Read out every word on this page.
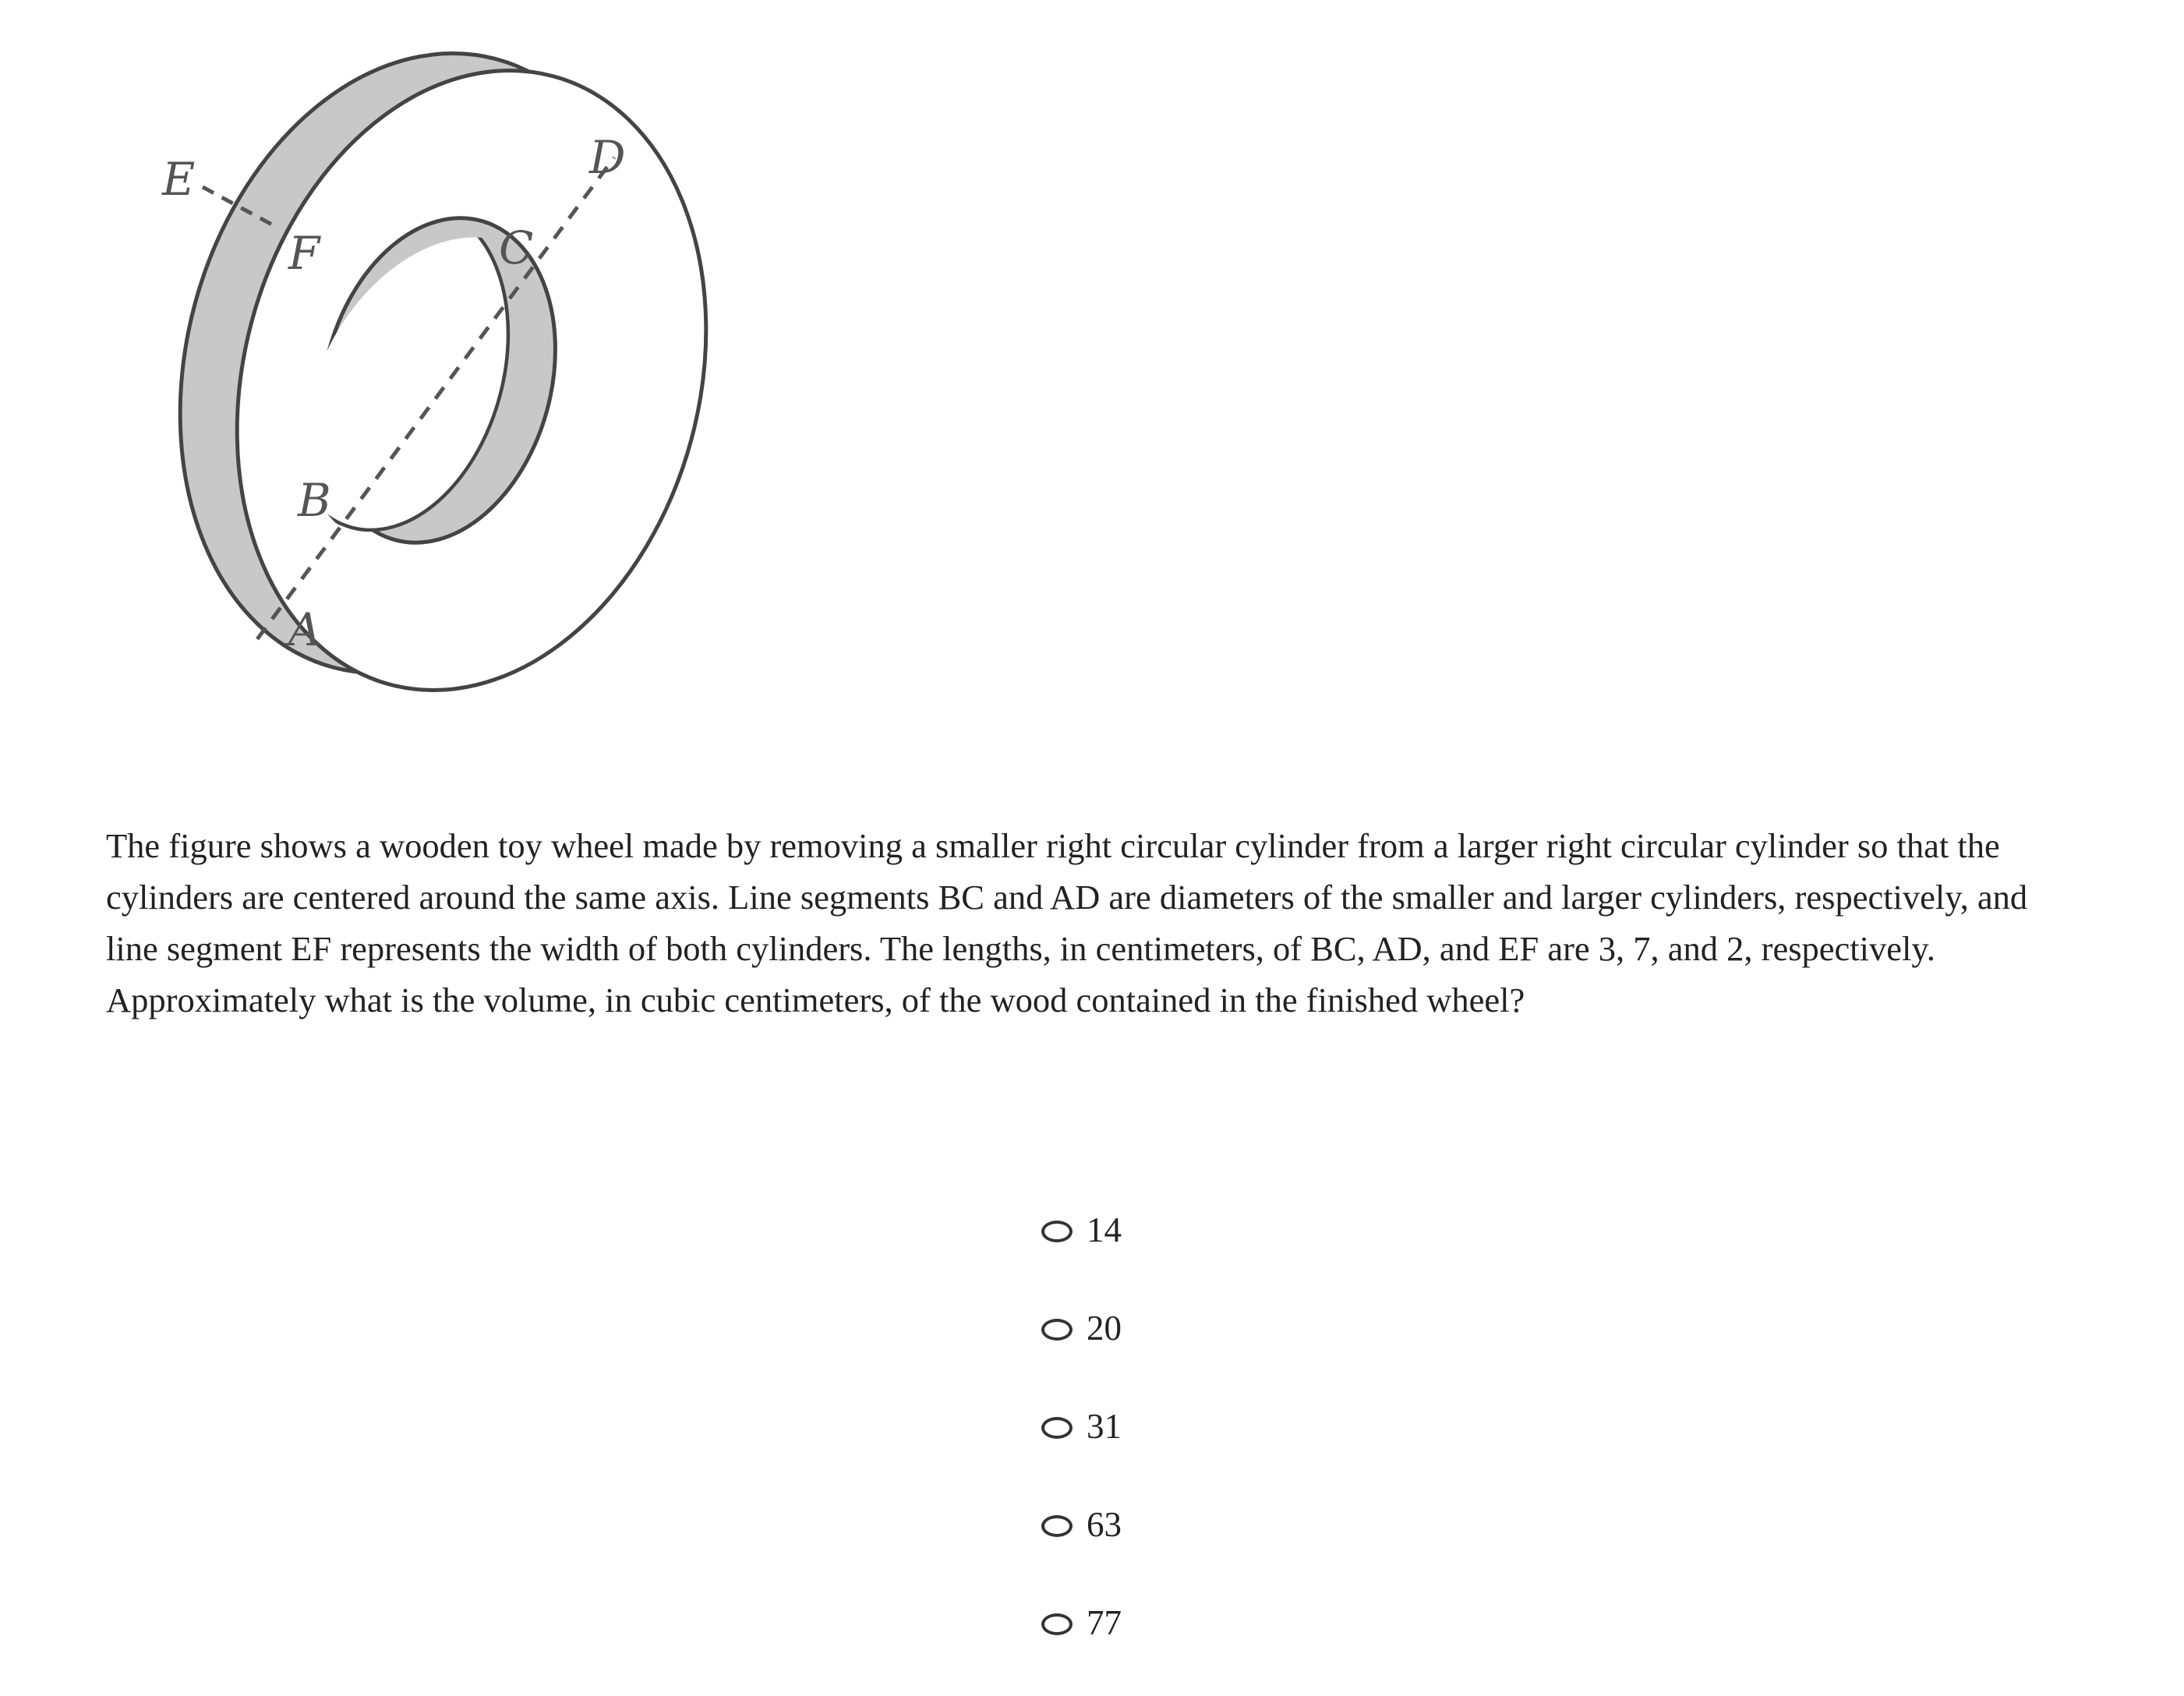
E
F
D
C
B
A

The figure shows a wooden toy wheel made by removing a smaller right circular cylinder from a larger right circular cylinder so that the cylinders are centered around the same axis. Line segments BC and AD are diameters of the smaller and larger cylinders, respectively, and line segment EF represents the width of both cylinders. The lengths, in centimeters, of BC, AD, and EF are 3, 7, and 2, respectively. Approximately what is the volume, in cubic centimeters, of the wood contained in the finished wheel?

14
20
31
63
77
